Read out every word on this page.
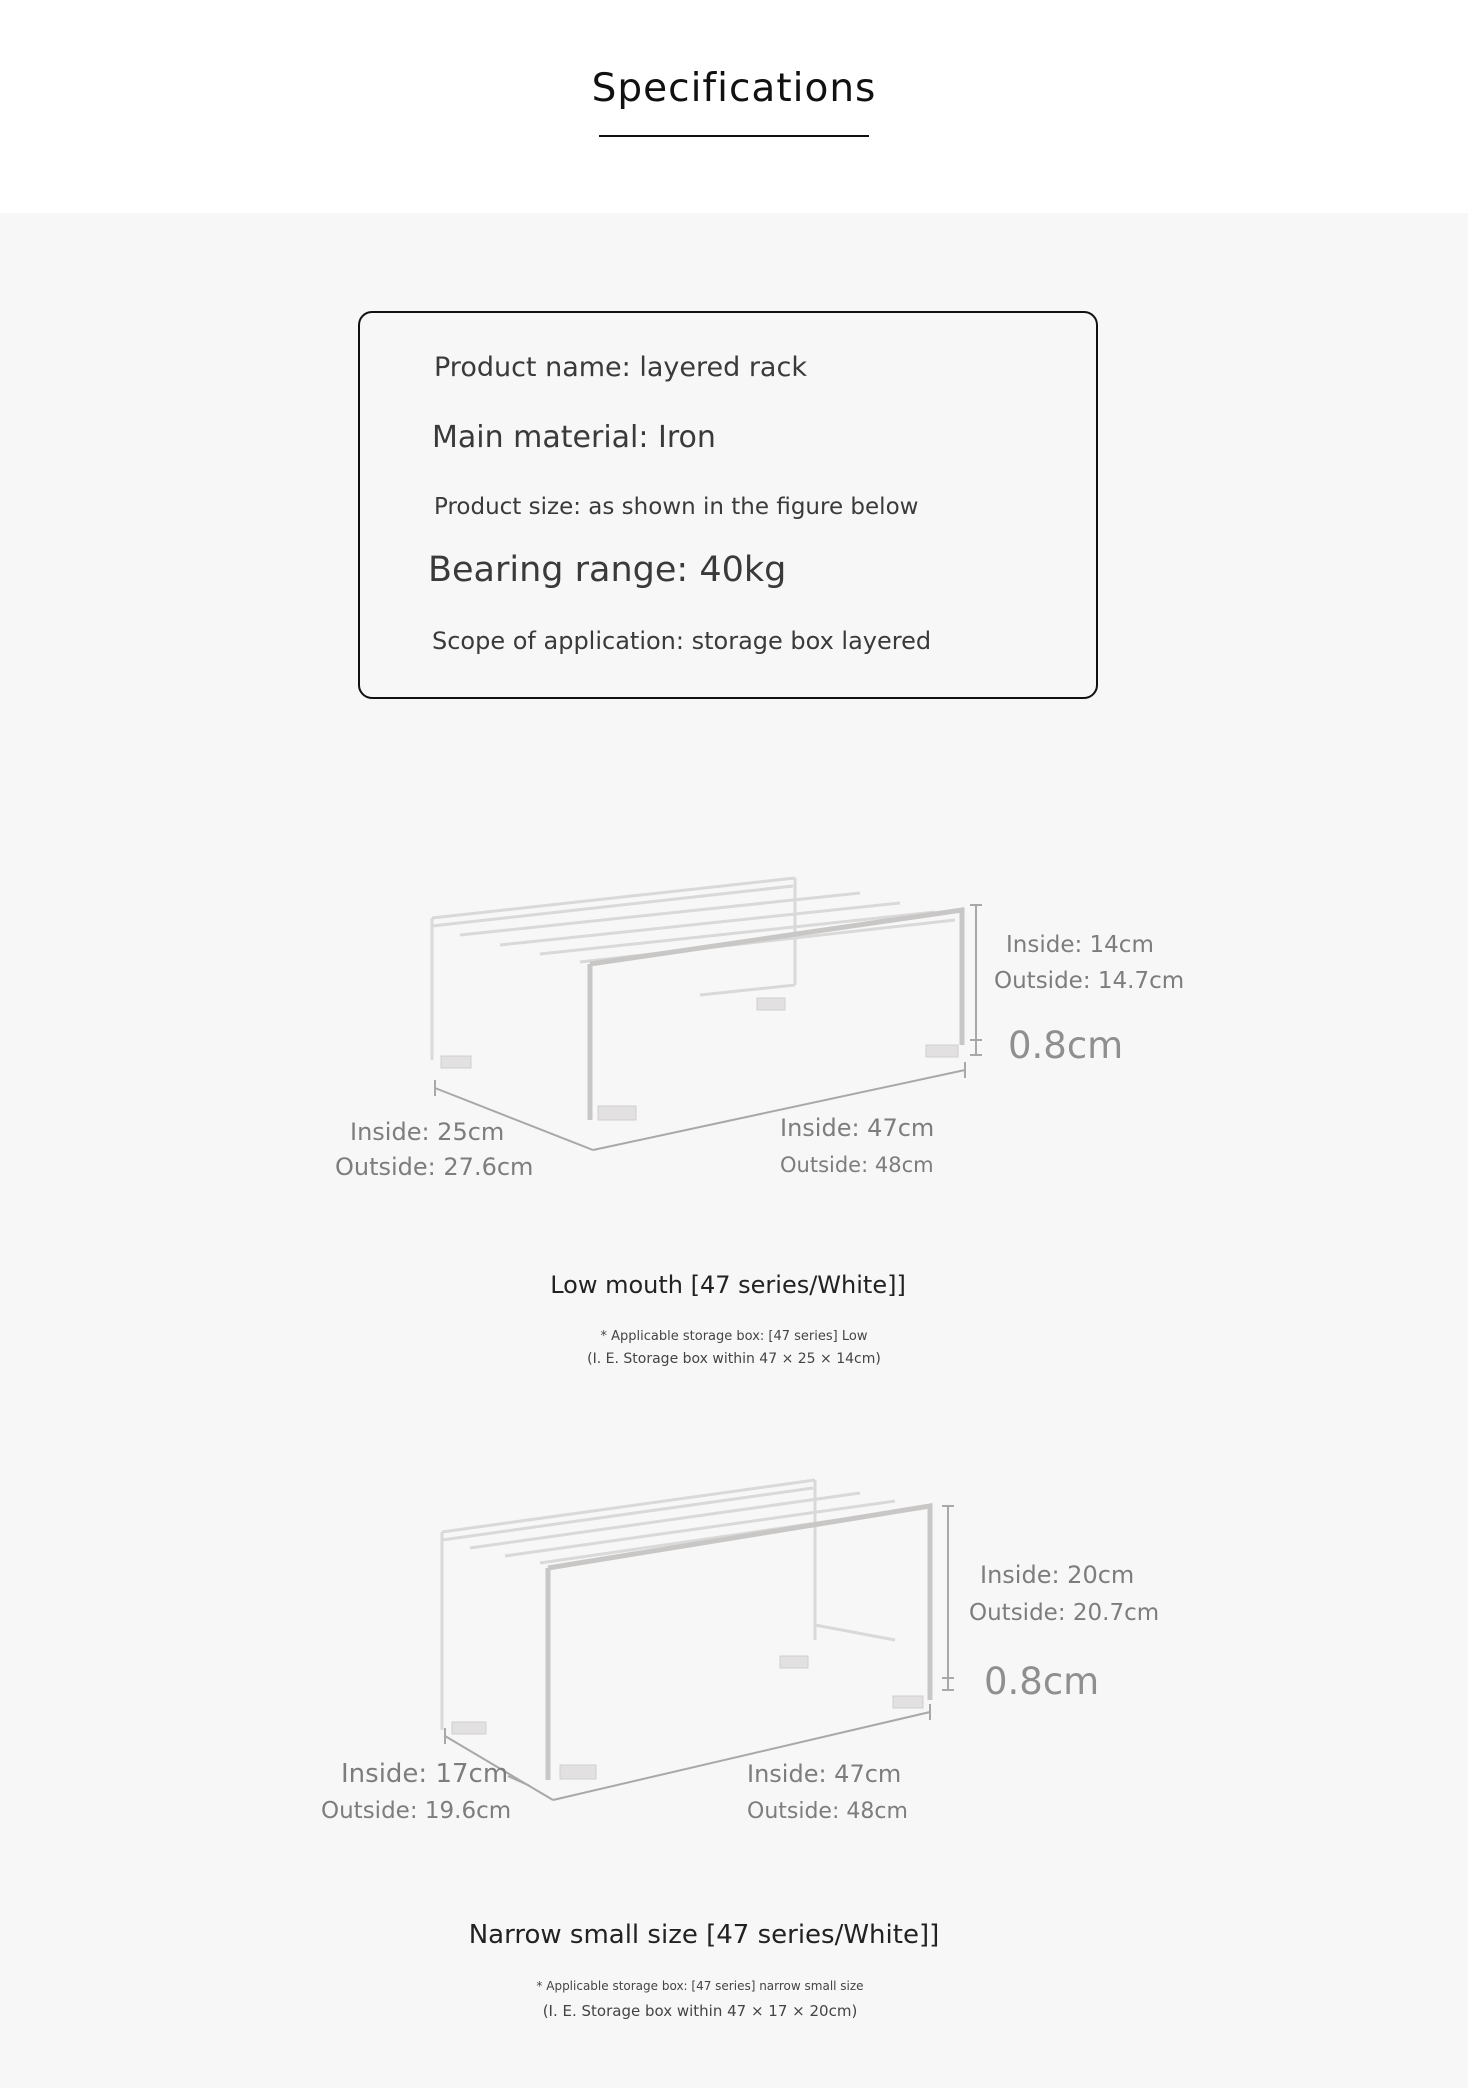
Specifications
Product name: layered rack
Main material: Iron
Product size: as shown in the figure below
Bearing range: 40kg
Scope of application: storage box layered
Inside: 14cm
Outside: 14.7cm
0.8cm
Inside: 25cm
Outside: 27.6cm
Inside: 47cm
Outside: 48cm
Low mouth [47 series/White]]
* Applicable storage box: [47 series] Low
(I. E. Storage box within 47 × 25 × 14cm)
Inside: 20cm
Outside: 20.7cm
0.8cm
Inside: 17cm
Outside: 19.6cm
Inside: 47cm
Outside: 48cm
Narrow small size [47 series/White]]
* Applicable storage box: [47 series] narrow small size
(I. E. Storage box within 47 × 17 × 20cm)
